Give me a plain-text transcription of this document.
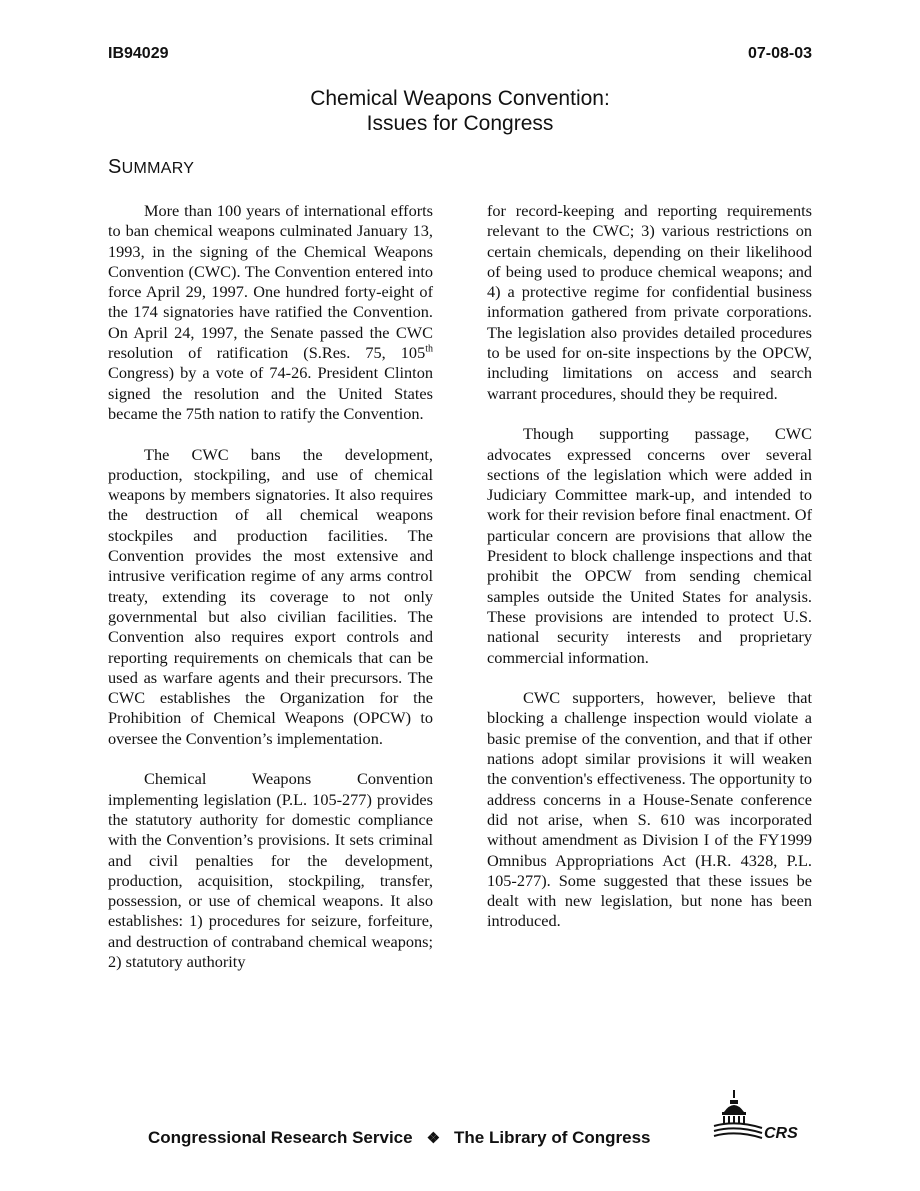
IB94029	07-08-03
Chemical Weapons Convention:
Issues for Congress
SUMMARY

More than 100 years of international efforts to ban chemical weapons culminated January 13, 1993, in the signing of the Chemical Weapons Convention (CWC). The Convention entered into force April 29, 1997. One hundred forty-eight of the 174 signatories have ratified the Convention. On April 24, 1997, the Senate passed the CWC resolution of ratification (S.Res. 75, 105th Congress) by a vote of 74-26. President Clinton signed the resolution and the United States became the 75th nation to ratify the Convention.

The CWC bans the development, production, stockpiling, and use of chemical weapons by members signatories. It also requires the destruction of all chemical weapons stockpiles and production facilities. The Convention provides the most extensive and intrusive verification regime of any arms control treaty, extending its coverage to not only governmental but also civilian facilities. The Convention also requires export controls and reporting requirements on chemicals that can be used as warfare agents and their precursors. The CWC establishes the Organization for the Prohibition of Chemical Weapons (OPCW) to oversee the Convention’s implementation.

Chemical Weapons Convention implementing legislation (P.L. 105-277) provides the statutory authority for domestic compliance with the Convention’s provisions. It sets criminal and civil penalties for the development, production, acquisition, stockpiling, transfer, possession, or use of chemical weapons. It also establishes: 1) procedures for seizure, forfeiture, and destruction of contraband chemical weapons; 2) statutory authority

for record-keeping and reporting requirements relevant to the CWC; 3) various restrictions on certain chemicals, depending on their likelihood of being used to produce chemical weapons; and 4) a protective regime for confidential business information gathered from private corporations. The legislation also provides detailed procedures to be used for on-site inspections by the OPCW, including limitations on access and search warrant procedures, should they be required.

Though supporting passage, CWC advocates expressed concerns over several sections of the legislation which were added in Judiciary Committee mark-up, and intended to work for their revision before final enactment. Of particular concern are provisions that allow the President to block challenge inspections and that prohibit the OPCW from sending chemical samples outside the United States for analysis. These provisions are intended to protect U.S. national security interests and proprietary commercial information.

CWC supporters, however, believe that blocking a challenge inspection would violate a basic premise of the convention, and that if other nations adopt similar provisions it will weaken the convention's effectiveness. The opportunity to address concerns in a House-Senate conference did not arise, when S. 610 was incorporated without amendment as Division I of the FY1999 Omnibus Appropriations Act (H.R. 4328, P.L. 105-277). Some suggested that these issues be dealt with new legislation, but none has been introduced.

Congressional Research Service ❖ The Library of Congress	CRS
